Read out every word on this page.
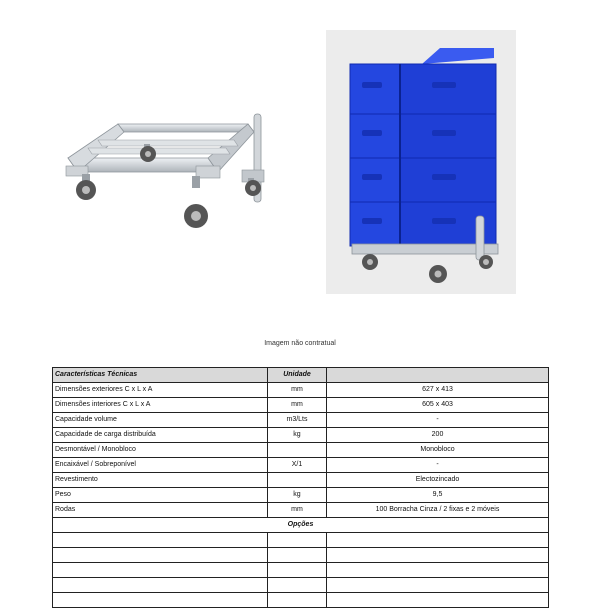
Imagem não contratual
Características Técnicas	Unidade	
Dimensões exteriores C x L x A	mm	627 x 413
Dimensões interiores C x L x A	mm	605 x 403
Capacidade volume	m3/Lts	-
Capacidade de carga distribuída	kg	200
Desmontável / Monobloco		Monobloco
Encaixável / Sobreponível	X/1	-
Revestimento		Electozincado
Peso	kg	9,5
Rodas	mm	100 Borracha Cinza / 2 fixas e 2 móveis
Opções		
